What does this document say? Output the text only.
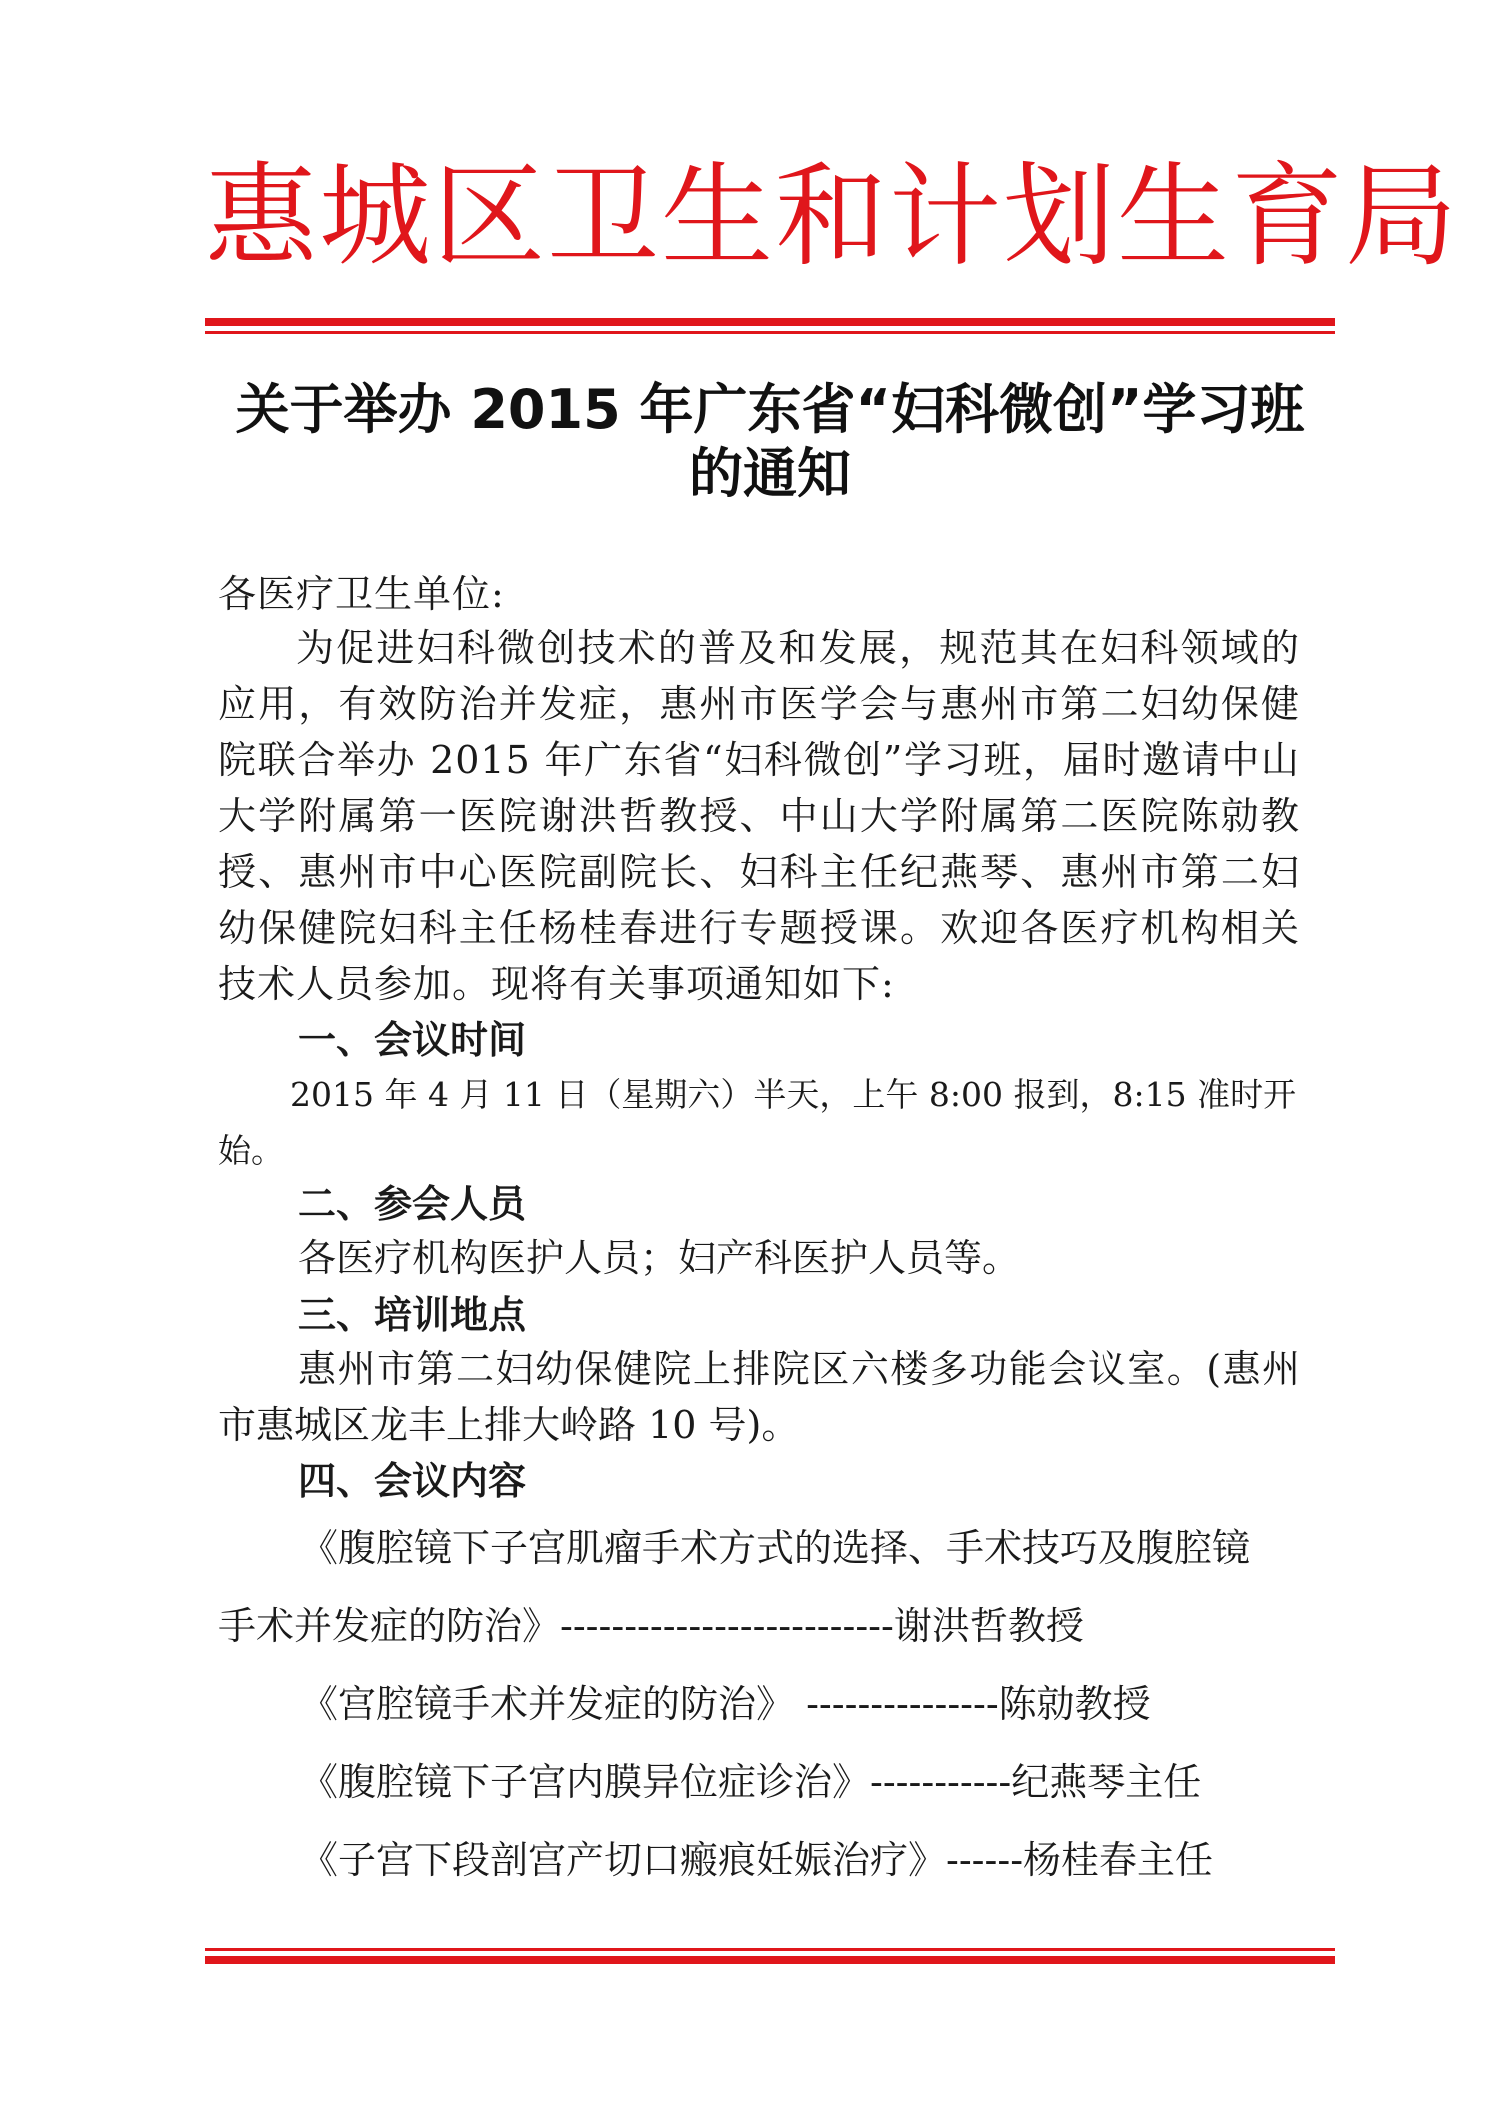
惠城区卫生和计划生育局
关于举办 2015 年广东省“妇科微创”学习班
的通知
各医疗卫生单位:
为促进妇科微创技术的普及和发展，规范其在妇科领域的应用，有效防治并发症，惠州市医学会与惠州市第二妇幼保健院联合举办 2015 年广东省“妇科微创”学习班，届时邀请中山大学附属第一医院谢洪哲教授、中山大学附属第二医院陈勍教授、惠州市中心医院副院长、妇科主任纪燕琴、惠州市第二妇幼保健院妇科主任杨桂春进行专题授课。欢迎各医疗机构相关技术人员参加。现将有关事项通知如下:
一、会议时间
2015 年 4 月 11 日（星期六）半天，上午 8:00 报到，8:15 准时开始。
二、参会人员
各医疗机构医护人员；妇产科医护人员等。
三、培训地点
惠州市第二妇幼保健院上排院区六楼多功能会议室。(惠州市惠城区龙丰上排大岭路 10 号)。
四、会议内容
《腹腔镜下子宫肌瘤手术方式的选择、手术技巧及腹腔镜
手术并发症的防治》--------------------------谢洪哲教授
《宫腔镜手术并发症的防治》 ---------------陈勍教授
《腹腔镜下子宫内膜异位症诊治》-----------纪燕琴主任
《子宫下段剖宫产切口瘢痕妊娠治疗》------杨桂春主任
